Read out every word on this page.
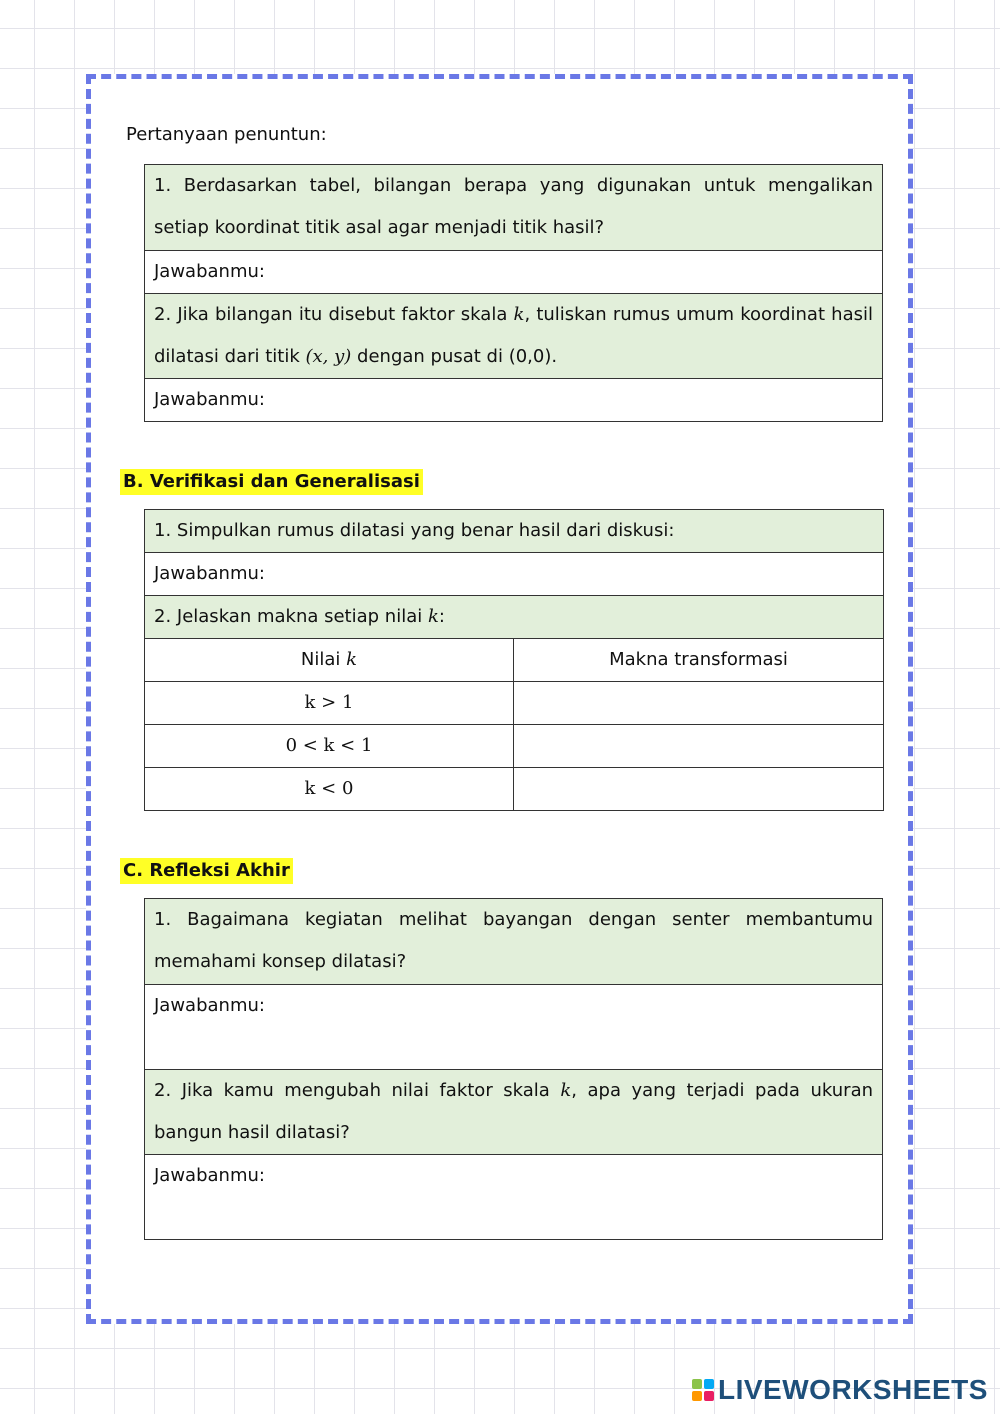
Pertanyaan penuntun:
1. Berdasarkan tabel, bilangan berapa yang digunakan untuk mengalikan setiap koordinat titik asal agar menjadi titik hasil?
Jawabanmu:
2. Jika bilangan itu disebut faktor skala k, tuliskan rumus umum koordinat hasil dilatasi dari titik (x, y) dengan pusat di (0,0).
Jawabanmu:
B. Verifikasi dan Generalisasi
1. Simpulkan rumus dilatasi yang benar hasil dari diskusi:	
Jawabanmu:	
2. Jelaskan makna setiap nilai k:	
Nilai k	Makna transformasi
k > 1	
0 < k < 1	
k < 0	
C. Refleksi Akhir
1. Bagaimana kegiatan melihat bayangan dengan senter membantumu memahami konsep dilatasi?
Jawabanmu:
2. Jika kamu mengubah nilai faktor skala k, apa yang terjadi pada ukuran bangun hasil dilatasi?
Jawabanmu:
LIVEWORKSHEETS
